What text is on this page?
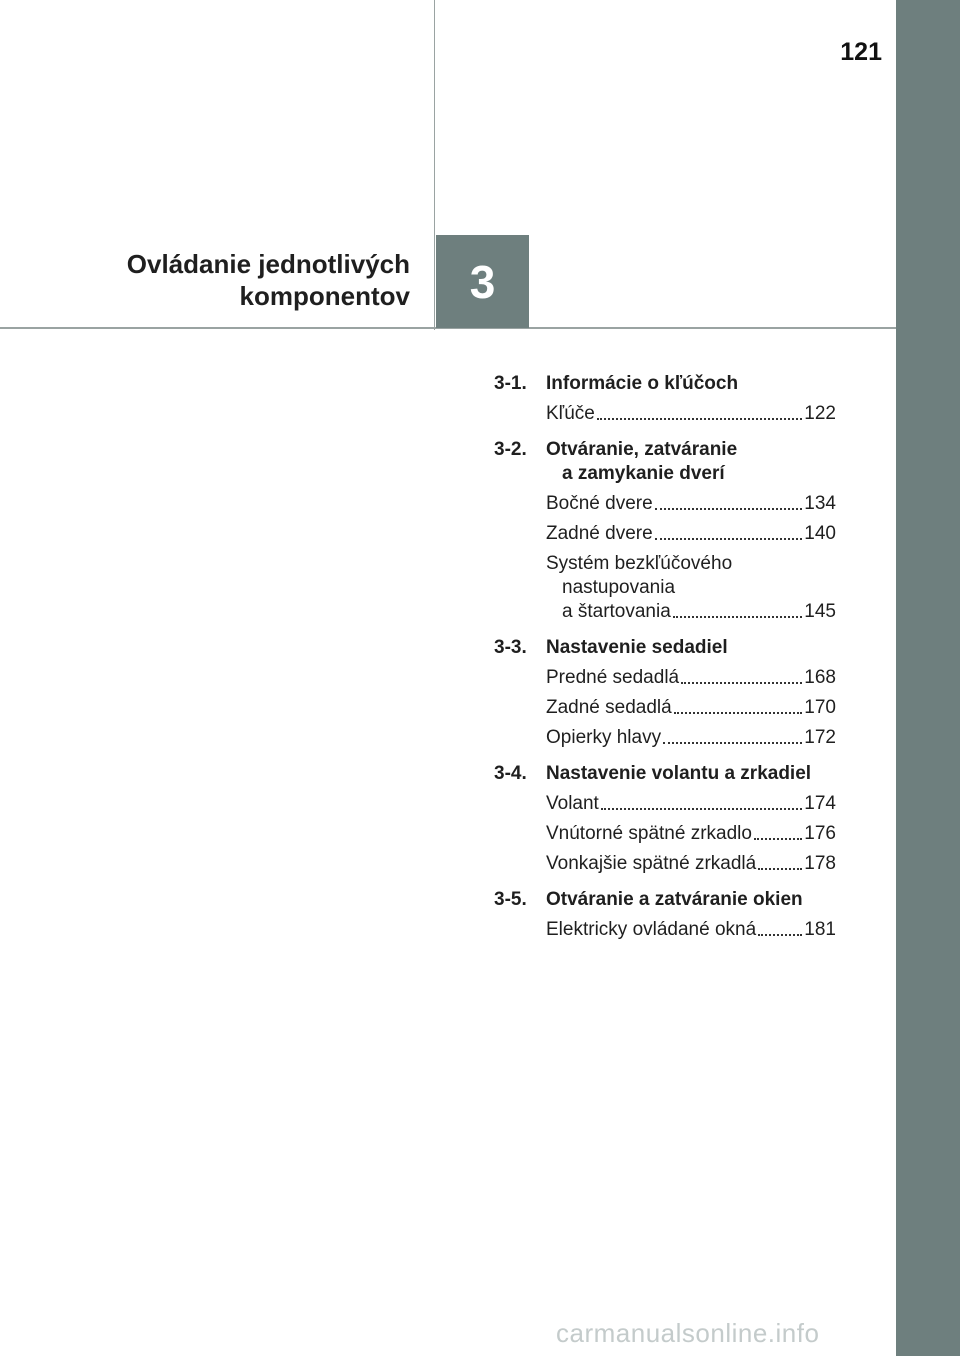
121
Ovládanie jednotlivých
komponentov 3
3-1.	Informácie o kľúčoch
Kľúče	122
3-2.	Otváranie, zatváranie
a zamykanie dverí
Bočné dvere	134
Zadné dvere	140
Systém bezkľúčového
nastupovania
a štartovania	145
3-3.	Nastavenie sedadiel
Predné sedadlá	168
Zadné sedadlá	170
Opierky hlavy	172
3-4.	Nastavenie volantu a zrkadiel
Volant	174
Vnútorné spätné zrkadlo	176
Vonkajšie spätné zrkadlá	178
3-5.	Otváranie a zatváranie okien
Elektricky ovládané okná	181
carmanualsonline.info
